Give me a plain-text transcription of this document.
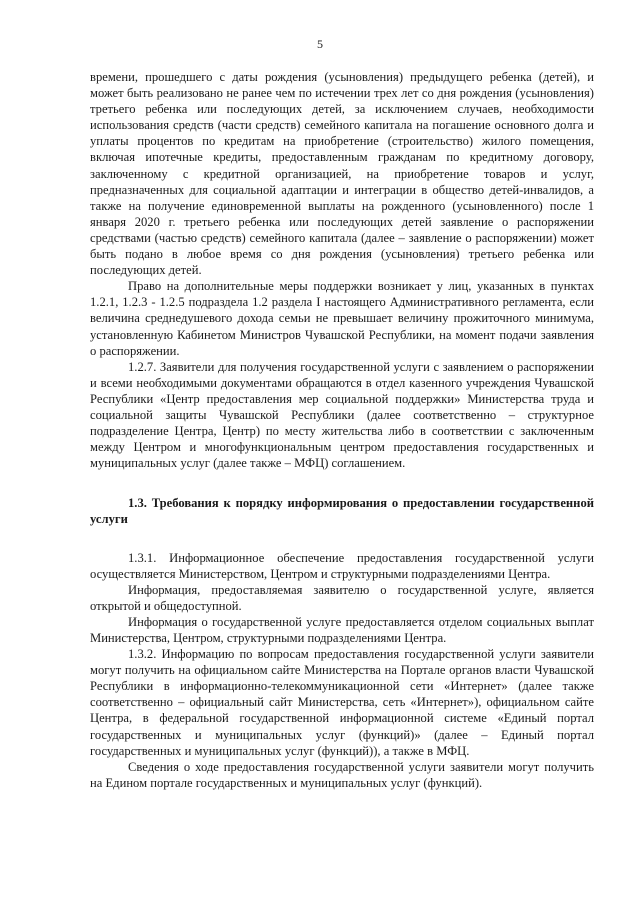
5

времени, прошедшего с даты рождения (усыновления) предыдущего ребенка (детей), и может быть реализовано не ранее чем по истечении трех лет со дня рождения (усыновления) третьего ребенка или последующих детей, за исключением случаев, необходимости использования средств (части средств) семейного капитала на погашение основного долга и уплаты процентов по кредитам на приобретение (строительство) жилого помещения, включая ипотечные кредиты, предоставленным гражданам по кредитному договору, заключенному с кредитной организацией, на приобретение товаров и услуг, предназначенных для социальной адаптации и интеграции в общество детей-инвалидов, а также на получение единовременной выплаты на рожденного (усыновленного) после 1 января 2020 г. третьего ребенка или последующих детей заявление о распоряжении средствами (частью средств) семейного капитала (далее – заявление о распоряжении) может быть подано в любое время со дня рождения (усыновления) третьего ребенка или последующих детей.

Право на дополнительные меры поддержки возникает у лиц, указанных в пунктах 1.2.1, 1.2.3 - 1.2.5 подраздела 1.2 раздела I настоящего Административного регламента, если величина среднедушевого дохода семьи не превышает величину прожиточного минимума, установленную Кабинетом Министров Чувашской Республики, на момент подачи заявления о распоряжении.

1.2.7. Заявители для получения государственной услуги с заявлением о распоряжении и всеми необходимыми документами обращаются в отдел казенного учреждения Чувашской Республики «Центр предоставления мер социальной поддержки» Министерства труда и социальной защиты Чувашской Республики (далее соответственно – структурное подразделение Центра, Центр) по месту жительства либо в соответствии с заключенным между Центром и многофункциональным центром предоставления государственных и муниципальных услуг (далее также – МФЦ) соглашением.

1.3. Требования к порядку информирования о предоставлении государственной услуги

1.3.1. Информационное обеспечение предоставления государственной услуги осуществляется Министерством, Центром и структурными подразделениями Центра.

Информация, предоставляемая заявителю о государственной услуге, является открытой и общедоступной.

Информация о государственной услуге предоставляется отделом социальных выплат Министерства, Центром, структурными подразделениями Центра.

1.3.2. Информацию по вопросам предоставления государственной услуги заявители могут получить на официальном сайте Министерства на Портале органов власти Чувашской Республики в информационно-телекоммуникационной сети «Интернет» (далее также соответственно – официальный сайт Министерства, сеть «Интернет»), официальном сайте Центра, в федеральной государственной информационной системе «Единый портал государственных и муниципальных услуг (функций)» (далее – Единый портал государственных и муниципальных услуг (функций)), а также в МФЦ.

Сведения о ходе предоставления государственной услуги заявители могут получить на Едином портале государственных и муниципальных услуг (функций).
